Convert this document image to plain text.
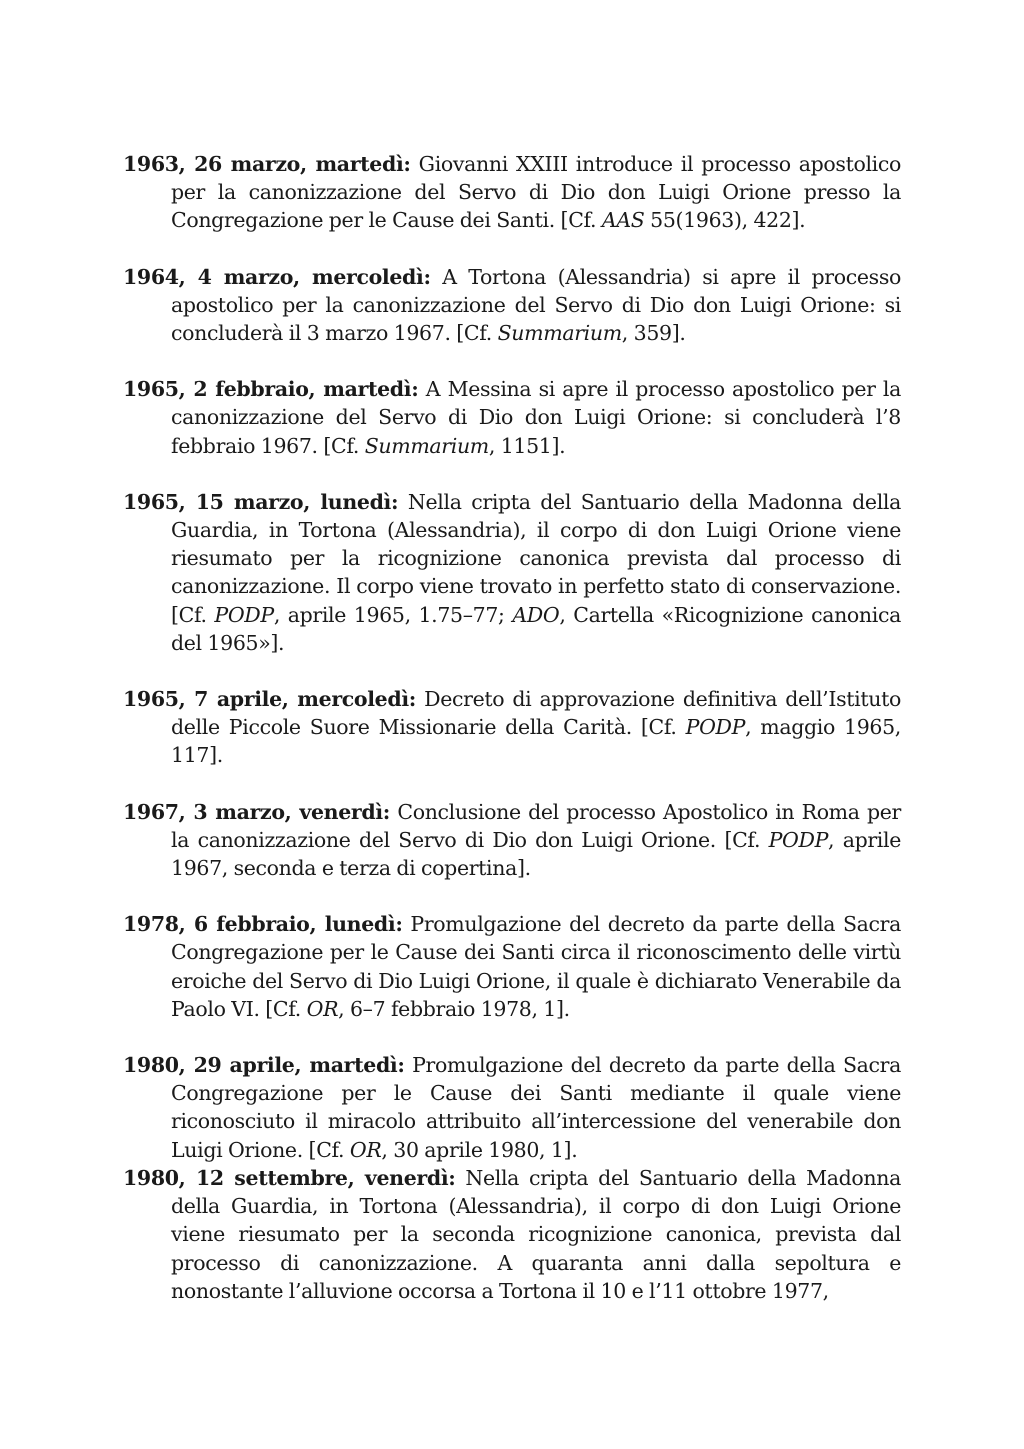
1963, 26 marzo, martedì: Giovanni XXIII introduce il processo apostolico per la canonizzazione del Servo di Dio don Luigi Orione presso la Congregazione per le Cause dei Santi. [Cf. AAS 55(1963), 422].

1964, 4 marzo, mercoledì: A Tortona (Alessandria) si apre il processo apostolico per la canonizzazione del Servo di Dio don Luigi Orione: si concluderà il 3 marzo 1967. [Cf. Summarium, 359].

1965, 2 febbraio, martedì: A Messina si apre il processo apostolico per la canonizzazione del Servo di Dio don Luigi Orione: si concluderà l’8 febbraio 1967. [Cf. Summarium, 1151].

1965, 15 marzo, lunedì: Nella cripta del Santuario della Madonna della Guardia, in Tortona (Alessandria), il corpo di don Luigi Orione viene riesumato per la ricognizione canonica prevista dal processo di canonizzazione. Il corpo viene trovato in perfetto stato di conservazione. [Cf. PODP, aprile 1965, 1.75–77; ADO, Cartella «Ricognizione canonica del 1965»].

1965, 7 aprile, mercoledì: Decreto di approvazione definitiva dell’Istituto delle Piccole Suore Missionarie della Carità. [Cf. PODP, maggio 1965, 117].

1967, 3 marzo, venerdì: Conclusione del processo Apostolico in Roma per la canonizzazione del Servo di Dio don Luigi Orione. [Cf. PODP, aprile 1967, seconda e terza di copertina].

1978, 6 febbraio, lunedì: Promulgazione del decreto da parte della Sacra Congregazione per le Cause dei Santi circa il riconoscimento delle virtù eroiche del Servo di Dio Luigi Orione, il quale è dichiarato Venerabile da Paolo VI. [Cf. OR, 6–7 febbraio 1978, 1].

1980, 29 aprile, martedì: Promulgazione del decreto da parte della Sacra Congregazione per le Cause dei Santi mediante il quale viene riconosciuto il miracolo attribuito all’intercessione del venerabile don Luigi Orione. [Cf. OR, 30 aprile 1980, 1].

1980, 12 settembre, venerdì: Nella cripta del Santuario della Madonna della Guardia, in Tortona (Alessandria), il corpo di don Luigi Orione viene riesumato per la seconda ricognizione canonica, prevista dal processo di canonizzazione. A quaranta anni dalla sepoltura e nonostante l’alluvione occorsa a Tortona il 10 e l’11 ottobre 1977,
